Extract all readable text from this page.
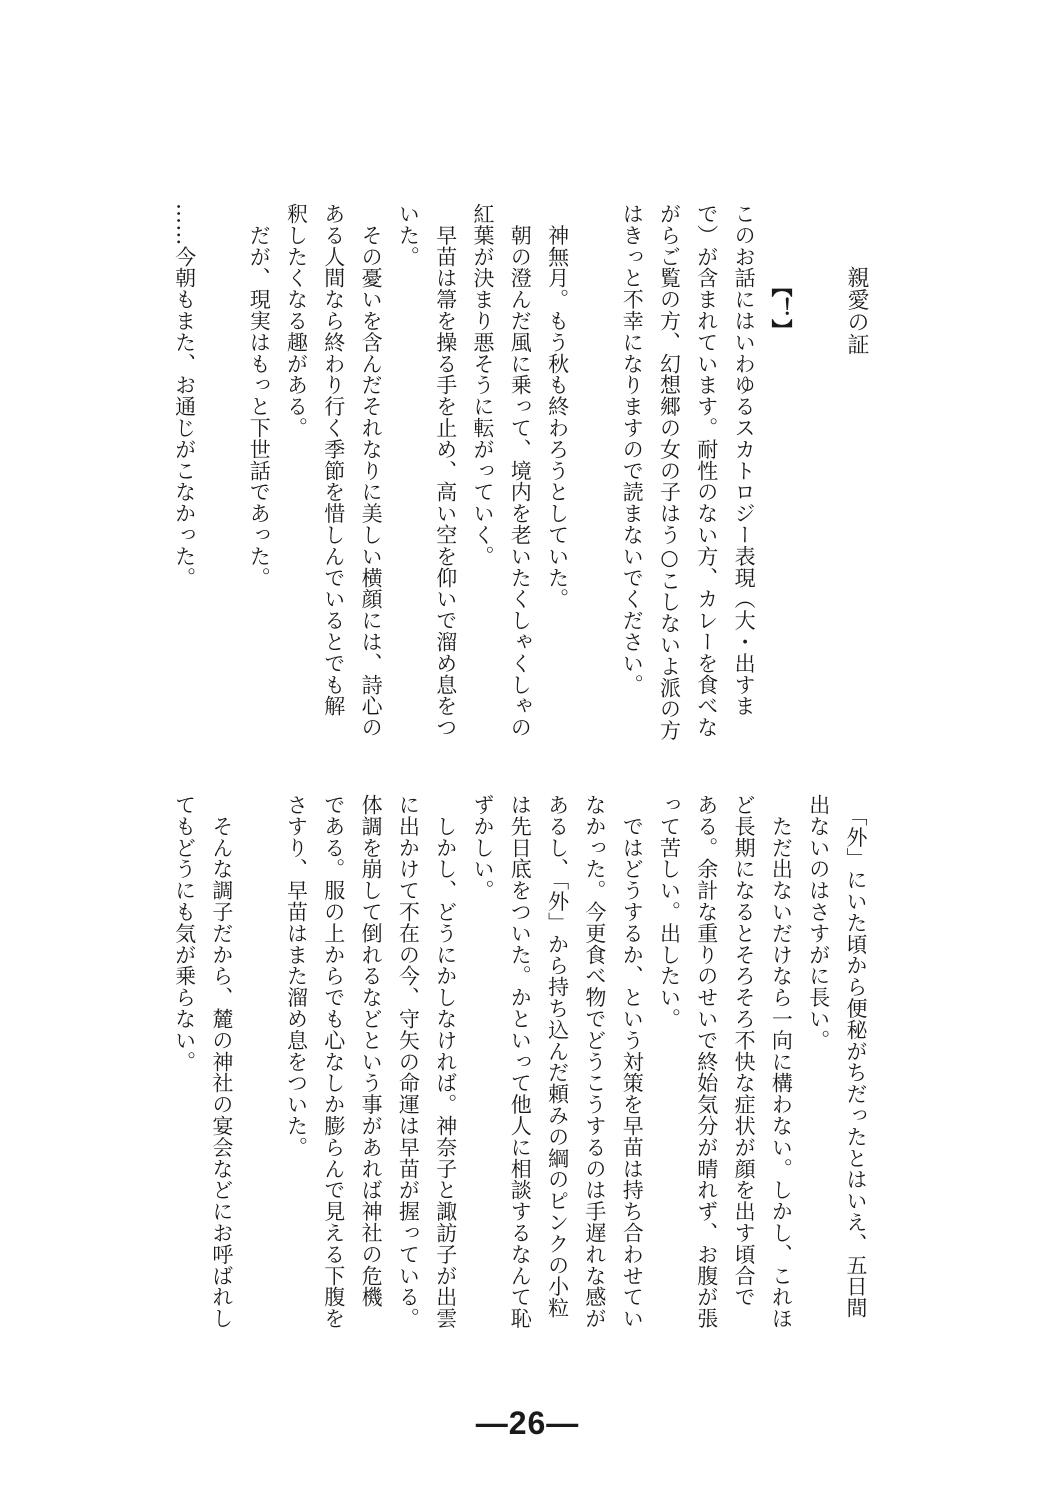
親愛の証
【！】
このお話にはいわゆるスカトロジー表現（大・出すま
で）が含まれています。耐性のない方、カレーを食べな
がらご覧の方、幻想郷の女の子はう○こしないよ派の方
はきっと不幸になりますので読まないでください。
　神無月。もう秋も終わろうとしていた。
　朝の澄んだ風に乗って、境内を老いたくしゃくしゃの
紅葉が決まり悪そうに転がっていく。
　早苗は箒を操る手を止め、高い空を仰いで溜め息をつ
いた。
　その憂いを含んだそれなりに美しい横顔には、詩心の
ある人間なら終わり行く季節を惜しんでいるとでも解
釈したくなる趣がある。
　だが、現実はもっと下世話であった。
……今朝もまた、お通じがこなかった。
　「外」にいた頃から便秘がちだったとはいえ、五日間
出ないのはさすがに長い。
　ただ出ないだけなら一向に構わない。しかし、これほ
ど長期になるとそろそろ不快な症状が顔を出す頃合で
ある。余計な重りのせいで終始気分が晴れず、お腹が張
って苦しい。出したい。
　ではどうするか、という対策を早苗は持ち合わせてい
なかった。今更食べ物でどうこうするのは手遅れな感が
あるし、「外」から持ち込んだ頼みの綱のピンクの小粒
は先日底をついた。かといって他人に相談するなんて恥
ずかしい。
　しかし、どうにかしなければ。神奈子と諏訪子が出雲
に出かけて不在の今、守矢の命運は早苗が握っている。
体調を崩して倒れるなどという事があれば神社の危機
である。服の上からでも心なしか膨らんで見える下腹を
さすり、早苗はまた溜め息をついた。
　そんな調子だから、麓の神社の宴会などにお呼ばれし
てもどうにも気が乗らない。
—26—
